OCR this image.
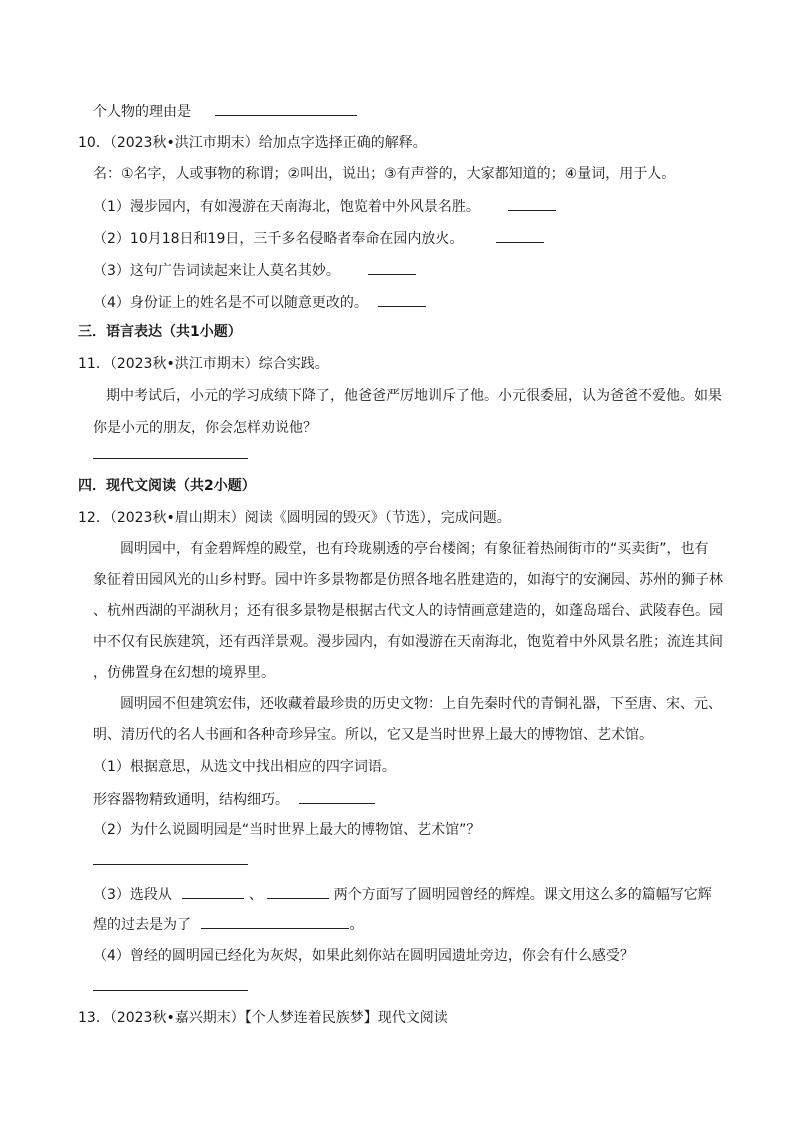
个人物的理由是
10．（2023秋•洪江市期末）给加点字选择正确的解释。
名：①名字，人或事物的称谓；②叫出，说出；③有声誉的，大家都知道的；④量词，用于人。
（1）漫步园内，有如漫游在天南海北，饱览着中外风景名胜。
（2）10月18日和19日，三千多名侵略者奉命在园内放火。
（3）这句广告词读起来让人莫名其妙。
（4）身份证上的姓名是不可以随意更改的。
三．语言表达（共1小题）
11．（2023秋•洪江市期末）综合实践。
期中考试后，小元的学习成绩下降了，他爸爸严厉地训斥了他。小元很委屈，认为爸爸不爱他。如果
你是小元的朋友，你会怎样劝说他？
四．现代文阅读（共2小题）
12．（2023秋•眉山期末）阅读《圆明园的毁灭》（节选），完成问题。
圆明园中，有金碧辉煌的殿堂，也有玲珑剔透的亭台楼阁；有象征着热闹街市的“买卖街”，也有
象征着田园风光的山乡村野。园中许多景物都是仿照各地名胜建造的，如海宁的安澜园、苏州的狮子林
、杭州西湖的平湖秋月；还有很多景物是根据古代文人的诗情画意建造的，如蓬岛瑶台、武陵春色。园
中不仅有民族建筑，还有西洋景观。漫步园内，有如漫游在天南海北，饱览着中外风景名胜；流连其间
，仿佛置身在幻想的境界里。
圆明园不但建筑宏伟，还收藏着最珍贵的历史文物：上自先秦时代的青铜礼器，下至唐、宋、元、
明、清历代的名人书画和各种奇珍异宝。所以，它又是当时世界上最大的博物馆、艺术馆。
（1）根据意思，从选文中找出相应的四字词语。
形容器物精致通明，结构细巧。
（2）为什么说圆明园是“当时世界上最大的博物馆、艺术馆”？
（3）选段从	、	两个方面写了圆明园曾经的辉煌。课文用这么多的篇幅写它辉
煌的过去是为了	。
（4）曾经的圆明园已经化为灰烬，如果此刻你站在圆明园遗址旁边，你会有什么感受？
13．（2023秋•嘉兴期末）【个人梦连着民族梦】现代文阅读
